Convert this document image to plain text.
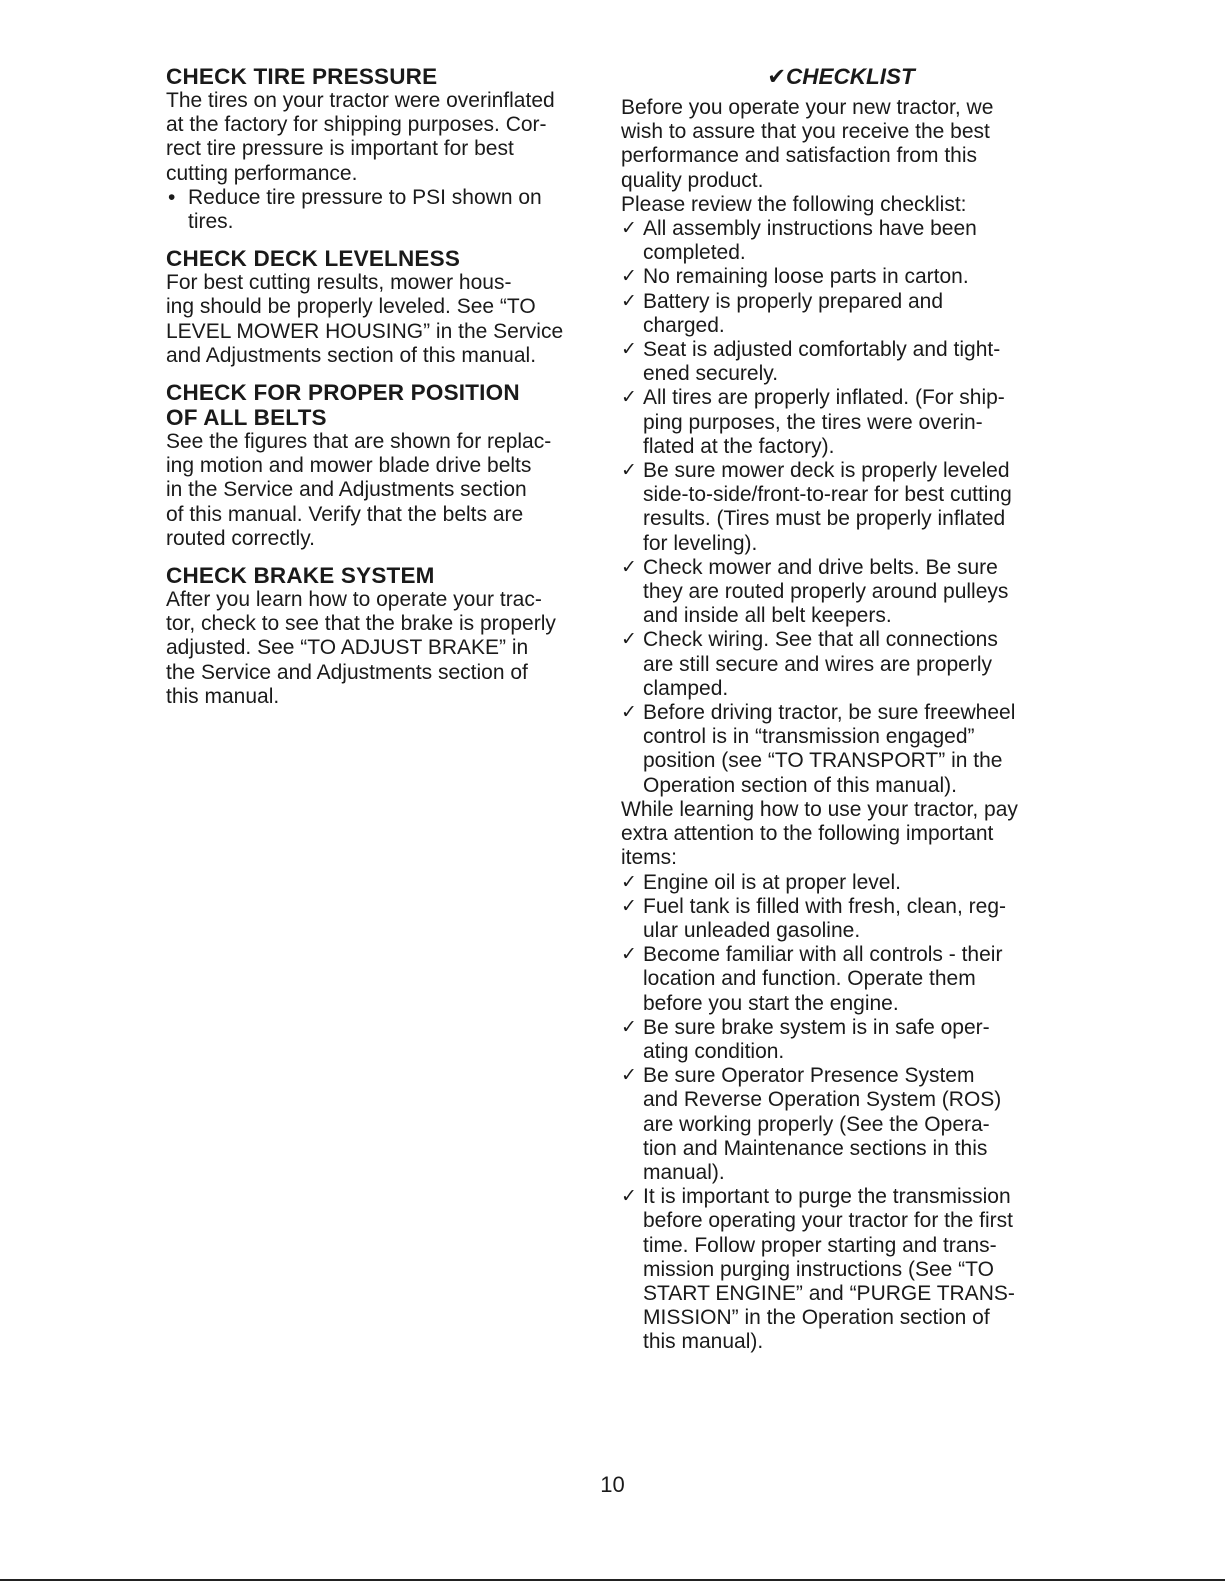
CHECK TIRE PRESSURE
The tires on your tractor were overinflated
at the factory for shipping purposes. Cor-
rect tire pressure is important for best
cutting performance.
• Reduce tire pressure to PSI shown on
tires.
CHECK DECK LEVELNESS
For best cutting results, mower hous-
ing should be properly leveled. See “TO
LEVEL MOWER HOUSING” in the Service
and Adjustments section of this manual.
CHECK FOR PROPER POSITION
OF ALL BELTS
See the figures that are shown for replac-
ing motion and mower blade drive belts
in the Service and Adjustments section
of this manual. Verify that the belts are
routed correctly.
CHECK BRAKE SYSTEM
After you learn how to operate your trac-
tor, check to see that the brake is properly
adjusted. See “TO ADJUST BRAKE” in
the Service and Adjustments section of
this manual.
✔CHECKLIST
Before you operate your new tractor, we
wish to assure that you receive the best
performance and satisfaction from this
quality product.
Please review the following checklist:
✓ All assembly instructions have been
completed.
✓ No remaining loose parts in carton.
✓ Battery is properly prepared and
charged.
✓ Seat is adjusted comfortably and tight-
ened securely.
✓ All tires are properly inflated. (For ship-
ping purposes, the tires were overin-
flated at the factory).
✓ Be sure mower deck is properly leveled
side-to-side/front-to-rear for best cutting
results. (Tires must be properly inflated
for leveling).
✓ Check mower and drive belts. Be sure
they are routed properly around pulleys
and inside all belt keepers.
✓ Check wiring. See that all connections
are still secure and wires are properly
clamped.
✓ Before driving tractor, be sure freewheel
control is in “transmission engaged”
position (see “TO TRANSPORT” in the
Operation section of this manual).
While learning how to use your tractor, pay
extra attention to the following important
items:
✓ Engine oil is at proper level.
✓ Fuel tank is filled with fresh, clean, reg-
ular unleaded gasoline.
✓ Become familiar with all controls - their
location and function. Operate them
before you start the engine.
✓ Be sure brake system is in safe oper-
ating condition.
✓ Be sure Operator Presence System
and Reverse Operation System (ROS)
are working properly (See the Opera-
tion and Maintenance sections in this
manual).
✓ It is important to purge the transmission
before operating your tractor for the first
time. Follow proper starting and trans-
mission purging instructions (See “TO
START ENGINE” and “PURGE TRANS-
MISSION” in the Operation section of
this manual).
10
